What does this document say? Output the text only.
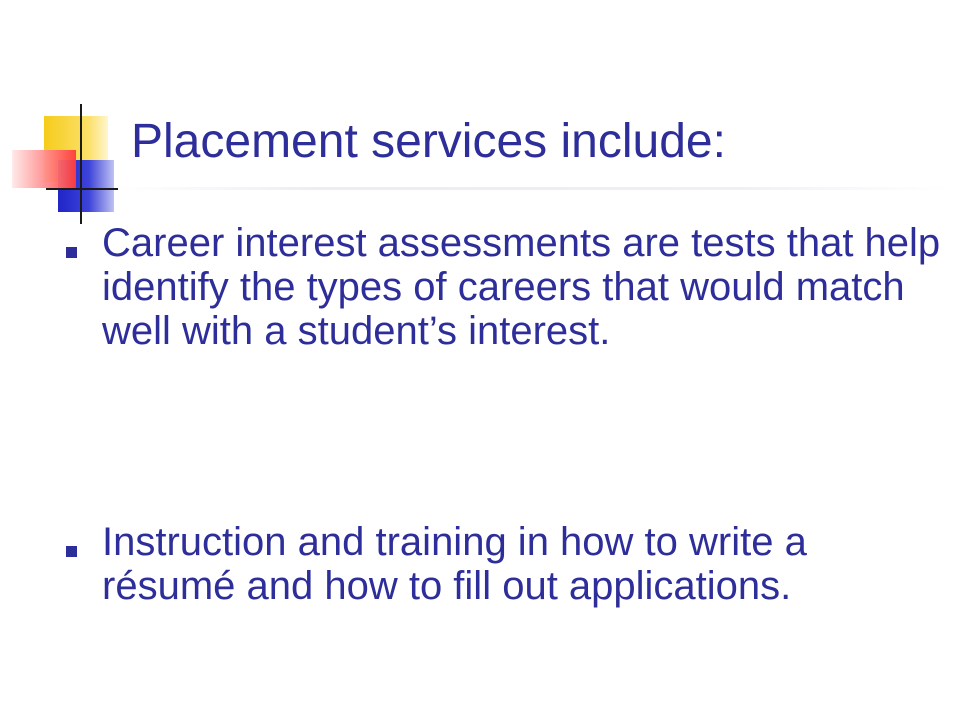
Placement services include:
Career interest assessments are tests that help identify the types of careers that would match well with a student’s interest.
Instruction and training in how to write a résumé and how to fill out applications.
